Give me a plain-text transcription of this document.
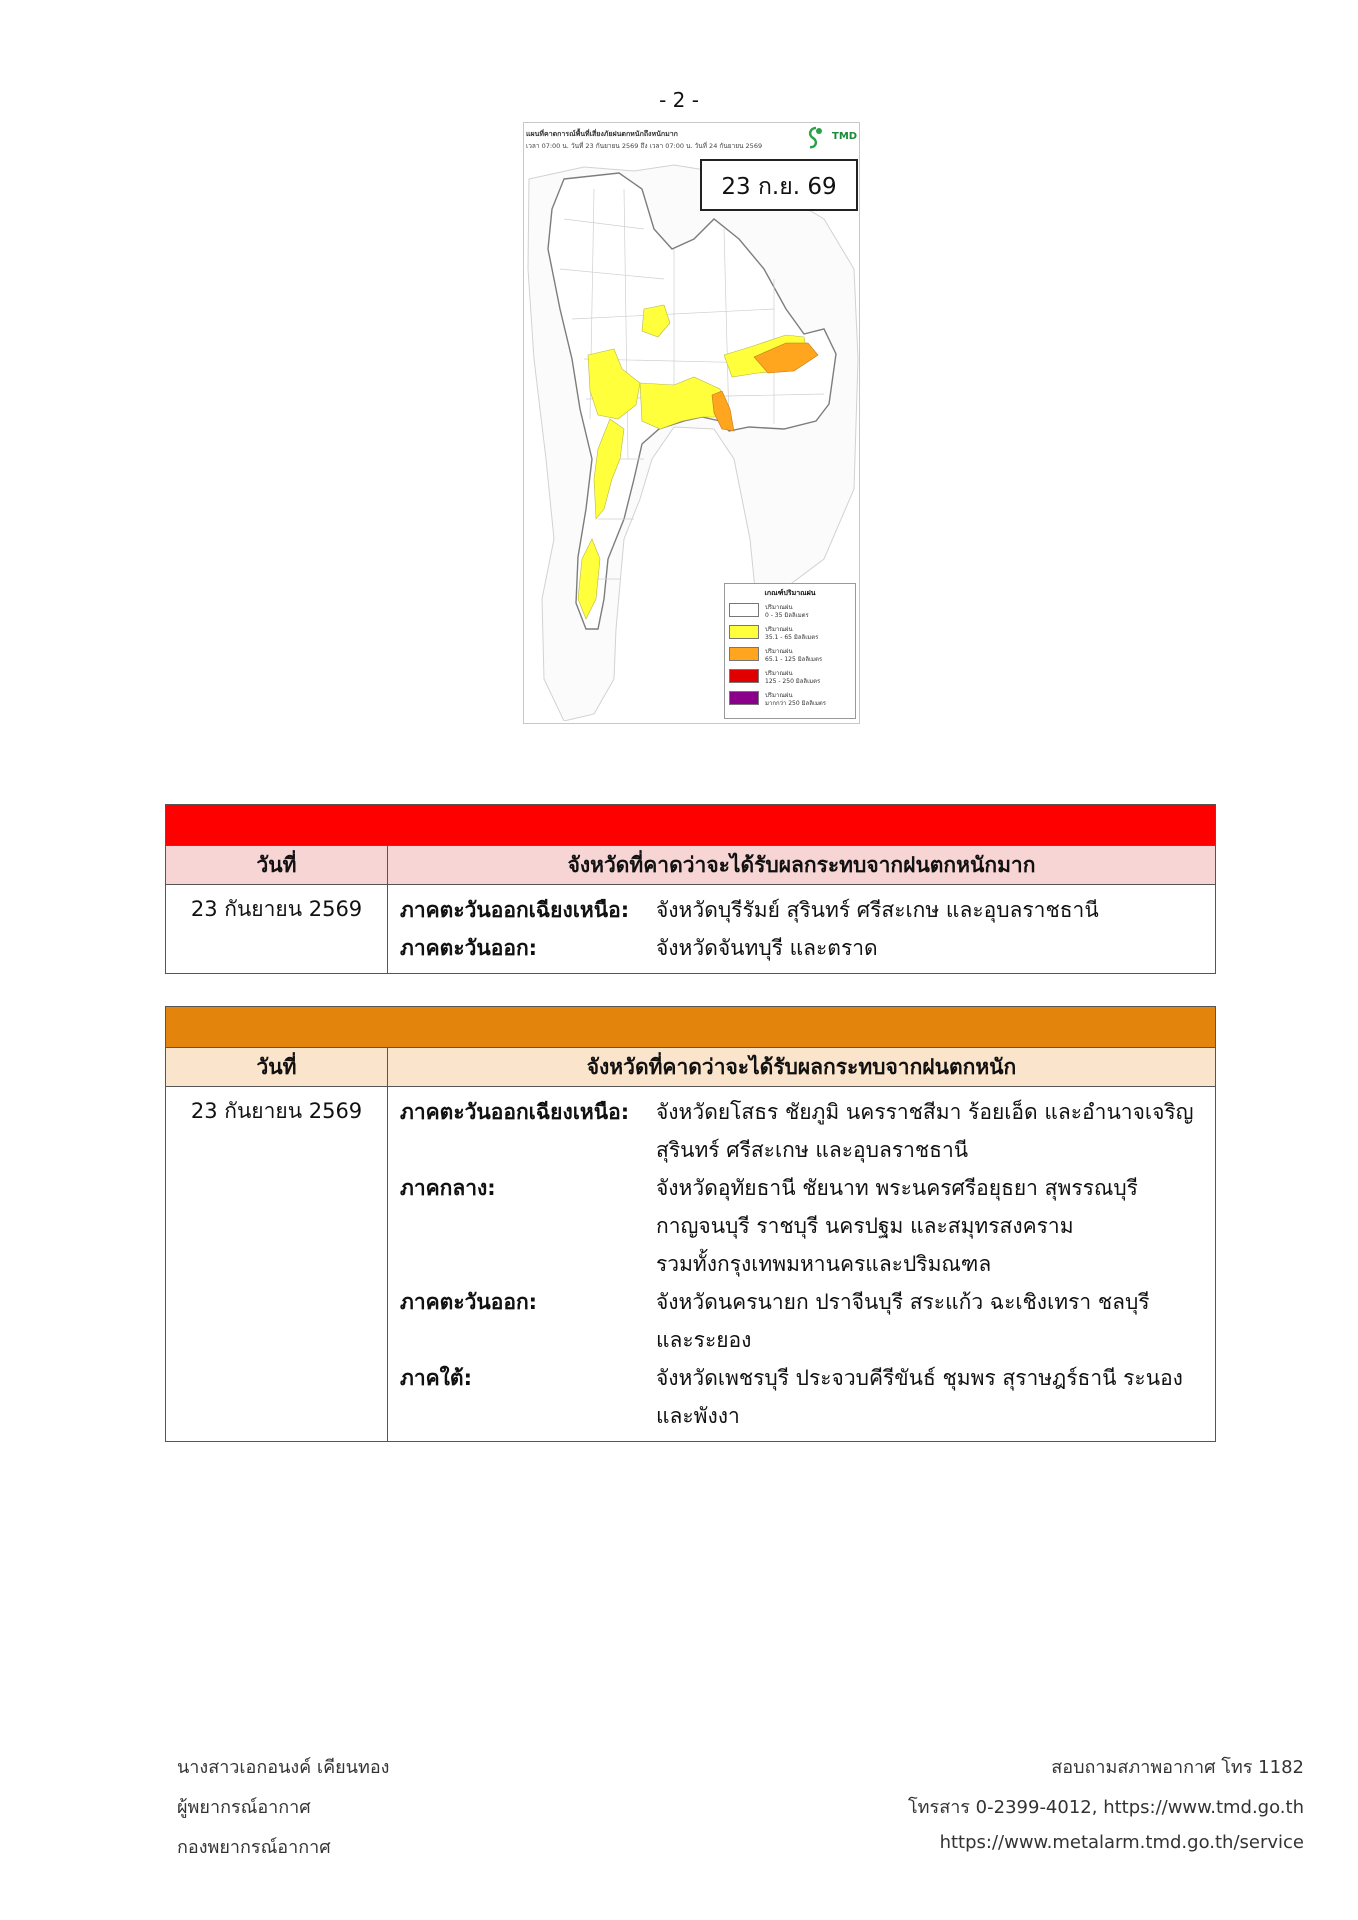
- 2 -
แผนที่คาดการณ์พื้นที่เสี่ยงภัยฝนตกหนักถึงหนักมาก
เวลา 07:00 น. วันที่ 23 กันยายน 2569 ถึง เวลา 07:00 น. วันที่ 24 กันยายน 2569
TMD
23 ก.ย. 69
เกณฑ์ปริมาณฝน
ปริมาณฝน
0 - 35 มิลลิเมตร
ปริมาณฝน
35.1 - 65 มิลลิเมตร
ปริมาณฝน
65.1 - 125 มิลลิเมตร
ปริมาณฝน
125 - 250 มิลลิเมตร
ปริมาณฝน
มากกว่า 250 มิลลิเมตร
วันที่	จังหวัดที่คาดว่าจะได้รับผลกระทบจากฝนตกหนักมาก
23 กันยายน 2569	ภาคตะวันออกเฉียงเหนือ:	จังหวัดบุรีรัมย์ สุรินทร์ ศรีสะเกษ และอุบลราชธานี
ภาคตะวันออก:	จังหวัดจันทบุรี และตราด
วันที่	จังหวัดที่คาดว่าจะได้รับผลกระทบจากฝนตกหนัก
23 กันยายน 2569	ภาคตะวันออกเฉียงเหนือ:	จังหวัดยโสธร ชัยภูมิ นครราชสีมา ร้อยเอ็ด และอำนาจเจริญ
สุรินทร์ ศรีสะเกษ และอุบลราชธานี
ภาคกลาง:	จังหวัดอุทัยธานี ชัยนาท พระนครศรีอยุธยา สุพรรณบุรี
กาญจนบุรี ราชบุรี นครปฐม และสมุทรสงคราม
รวมทั้งกรุงเทพมหานครและปริมณฑล
ภาคตะวันออก:	จังหวัดนครนายก ปราจีนบุรี สระแก้ว ฉะเชิงเทรา ชลบุรี
และระยอง
ภาคใต้:	จังหวัดเพชรบุรี ประจวบคีรีขันธ์ ชุมพร สุราษฎร์ธานี ระนอง
และพังงา
นางสาวเอกอนงค์ เคียนทอง
ผู้พยากรณ์อากาศ
กองพยากรณ์อากาศ
สอบถามสภาพอากาศ โทร 1182
โทรสาร 0-2399-4012, https://www.tmd.go.th
https://www.metalarm.tmd.go.th/service
